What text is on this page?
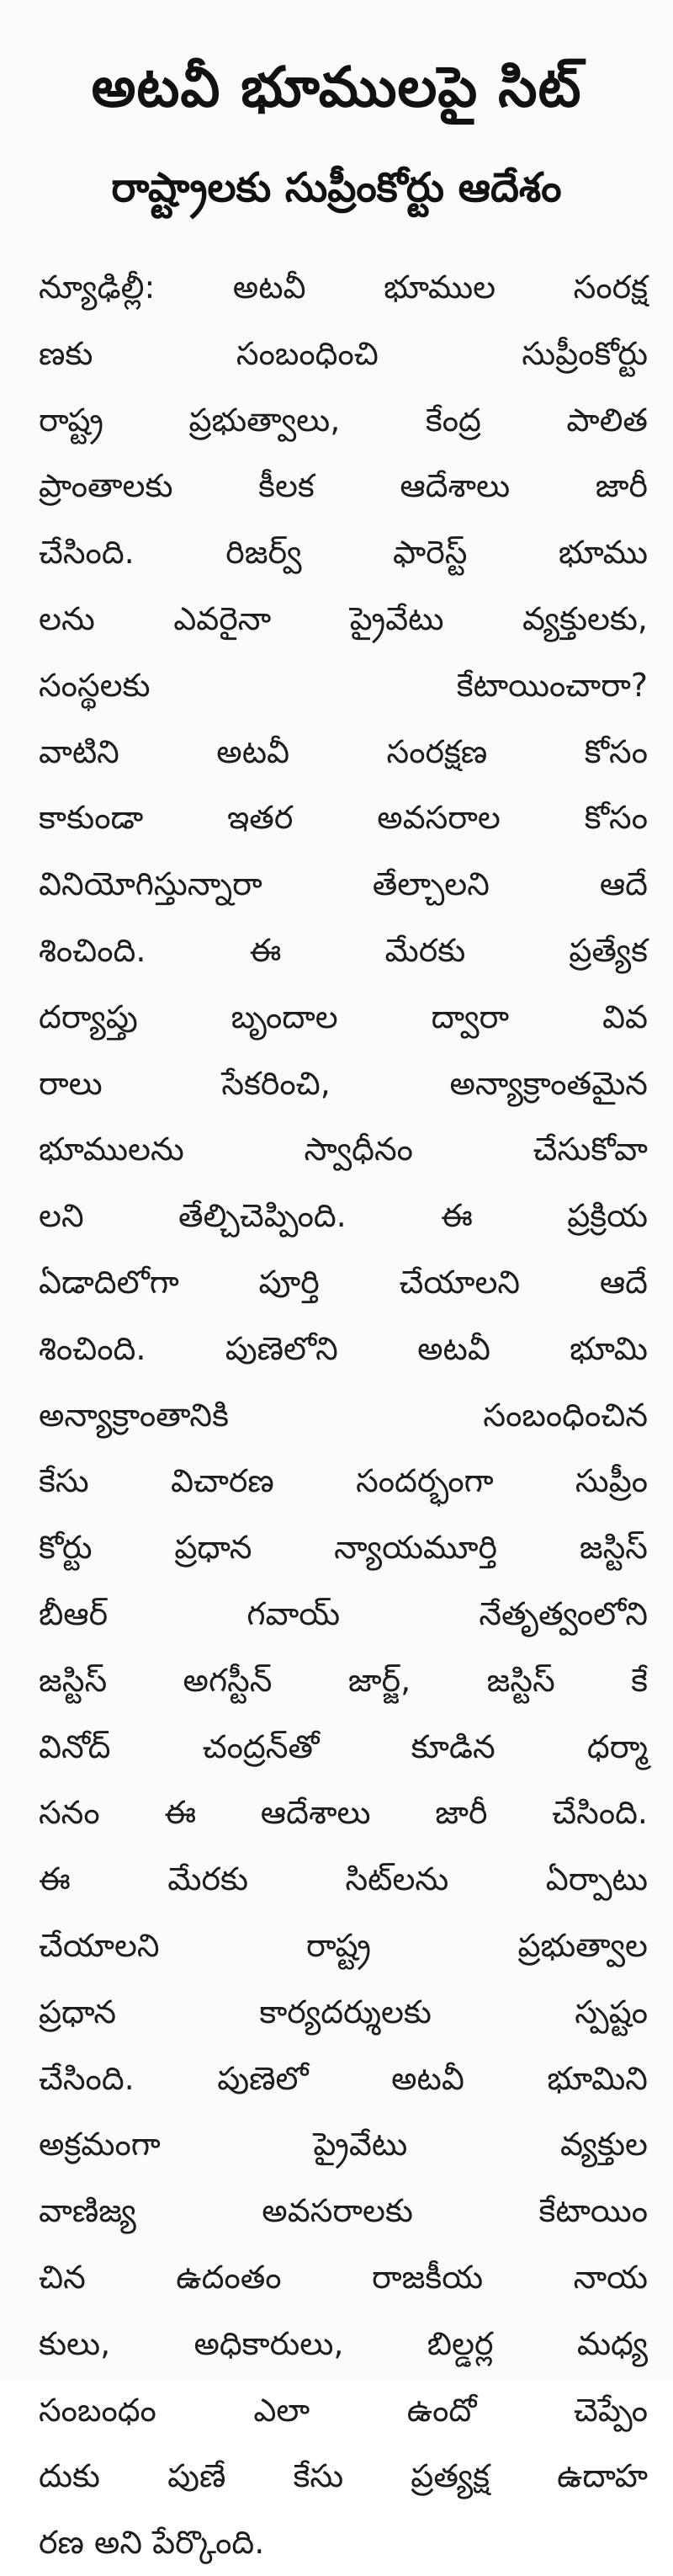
అటవీ భూములపై సిట్
రాష్ట్రాలకు సుప్రీంకోర్టు ఆదేశం
న్యూఢిల్లీ: అటవీ భూముల సంరక్ష
ణకు సంబంధించి సుప్రీంకోర్టు
రాష్ట్ర ప్రభుత్వాలు, కేంద్ర పాలిత
ప్రాంతాలకు కీలక ఆదేశాలు జారీ
చేసింది. రిజర్వ్ ఫారెస్ట్ భూము
లను ఎవరైనా ప్రైవేటు వ్యక్తులకు,
సంస్థలకు కేటాయించారా?
వాటిని అటవీ సంరక్షణ కోసం
కాకుండా ఇతర అవసరాల కోసం
వినియోగిస్తున్నారా తేల్చాలని ఆదే
శించింది. ఈ మేరకు ప్రత్యేక
దర్యాప్తు బృందాల ద్వారా వివ
రాలు సేకరించి, అన్యాక్రాంతమైన
భూములను స్వాధీనం చేసుకోవా
లని తేల్చిచెప్పింది. ఈ ప్రక్రియ
ఏడాదిలోగా పూర్తి చేయాలని ఆదే
శించింది. పుణెలోని అటవీ భూమి
అన్యాక్రాంతానికి సంబంధించిన
కేసు విచారణ సందర్భంగా సుప్రీం
కోర్టు ప్రధాన న్యాయమూర్తి జస్టిస్
బీఆర్ గవాయ్ నేతృత్వంలోని
జస్టిస్ అగస్టీన్ జార్జ్, జస్టిస్ కే
వినోద్ చంద్రన్‌తో కూడిన ధర్మా
సనం ఈ ఆదేశాలు జారీ చేసింది.
ఈ మేరకు సిట్‌లను ఏర్పాటు
చేయాలని రాష్ట్ర ప్రభుత్వాల
ప్రధాన కార్యదర్శులకు స్పష్టం
చేసింది. పుణెలో అటవీ భూమిని
అక్రమంగా ప్రైవేటు వ్యక్తుల
వాణిజ్య అవసరాలకు కేటాయిం
చిన ఉదంతం రాజకీయ నాయ
కులు, అధికారులు, బిల్డర్ల మధ్య
సంబంధం ఎలా ఉందో చెప్పేం
దుకు పుణే కేసు ప్రత్యక్ష ఉదాహ
రణ అని పేర్కొంది.
